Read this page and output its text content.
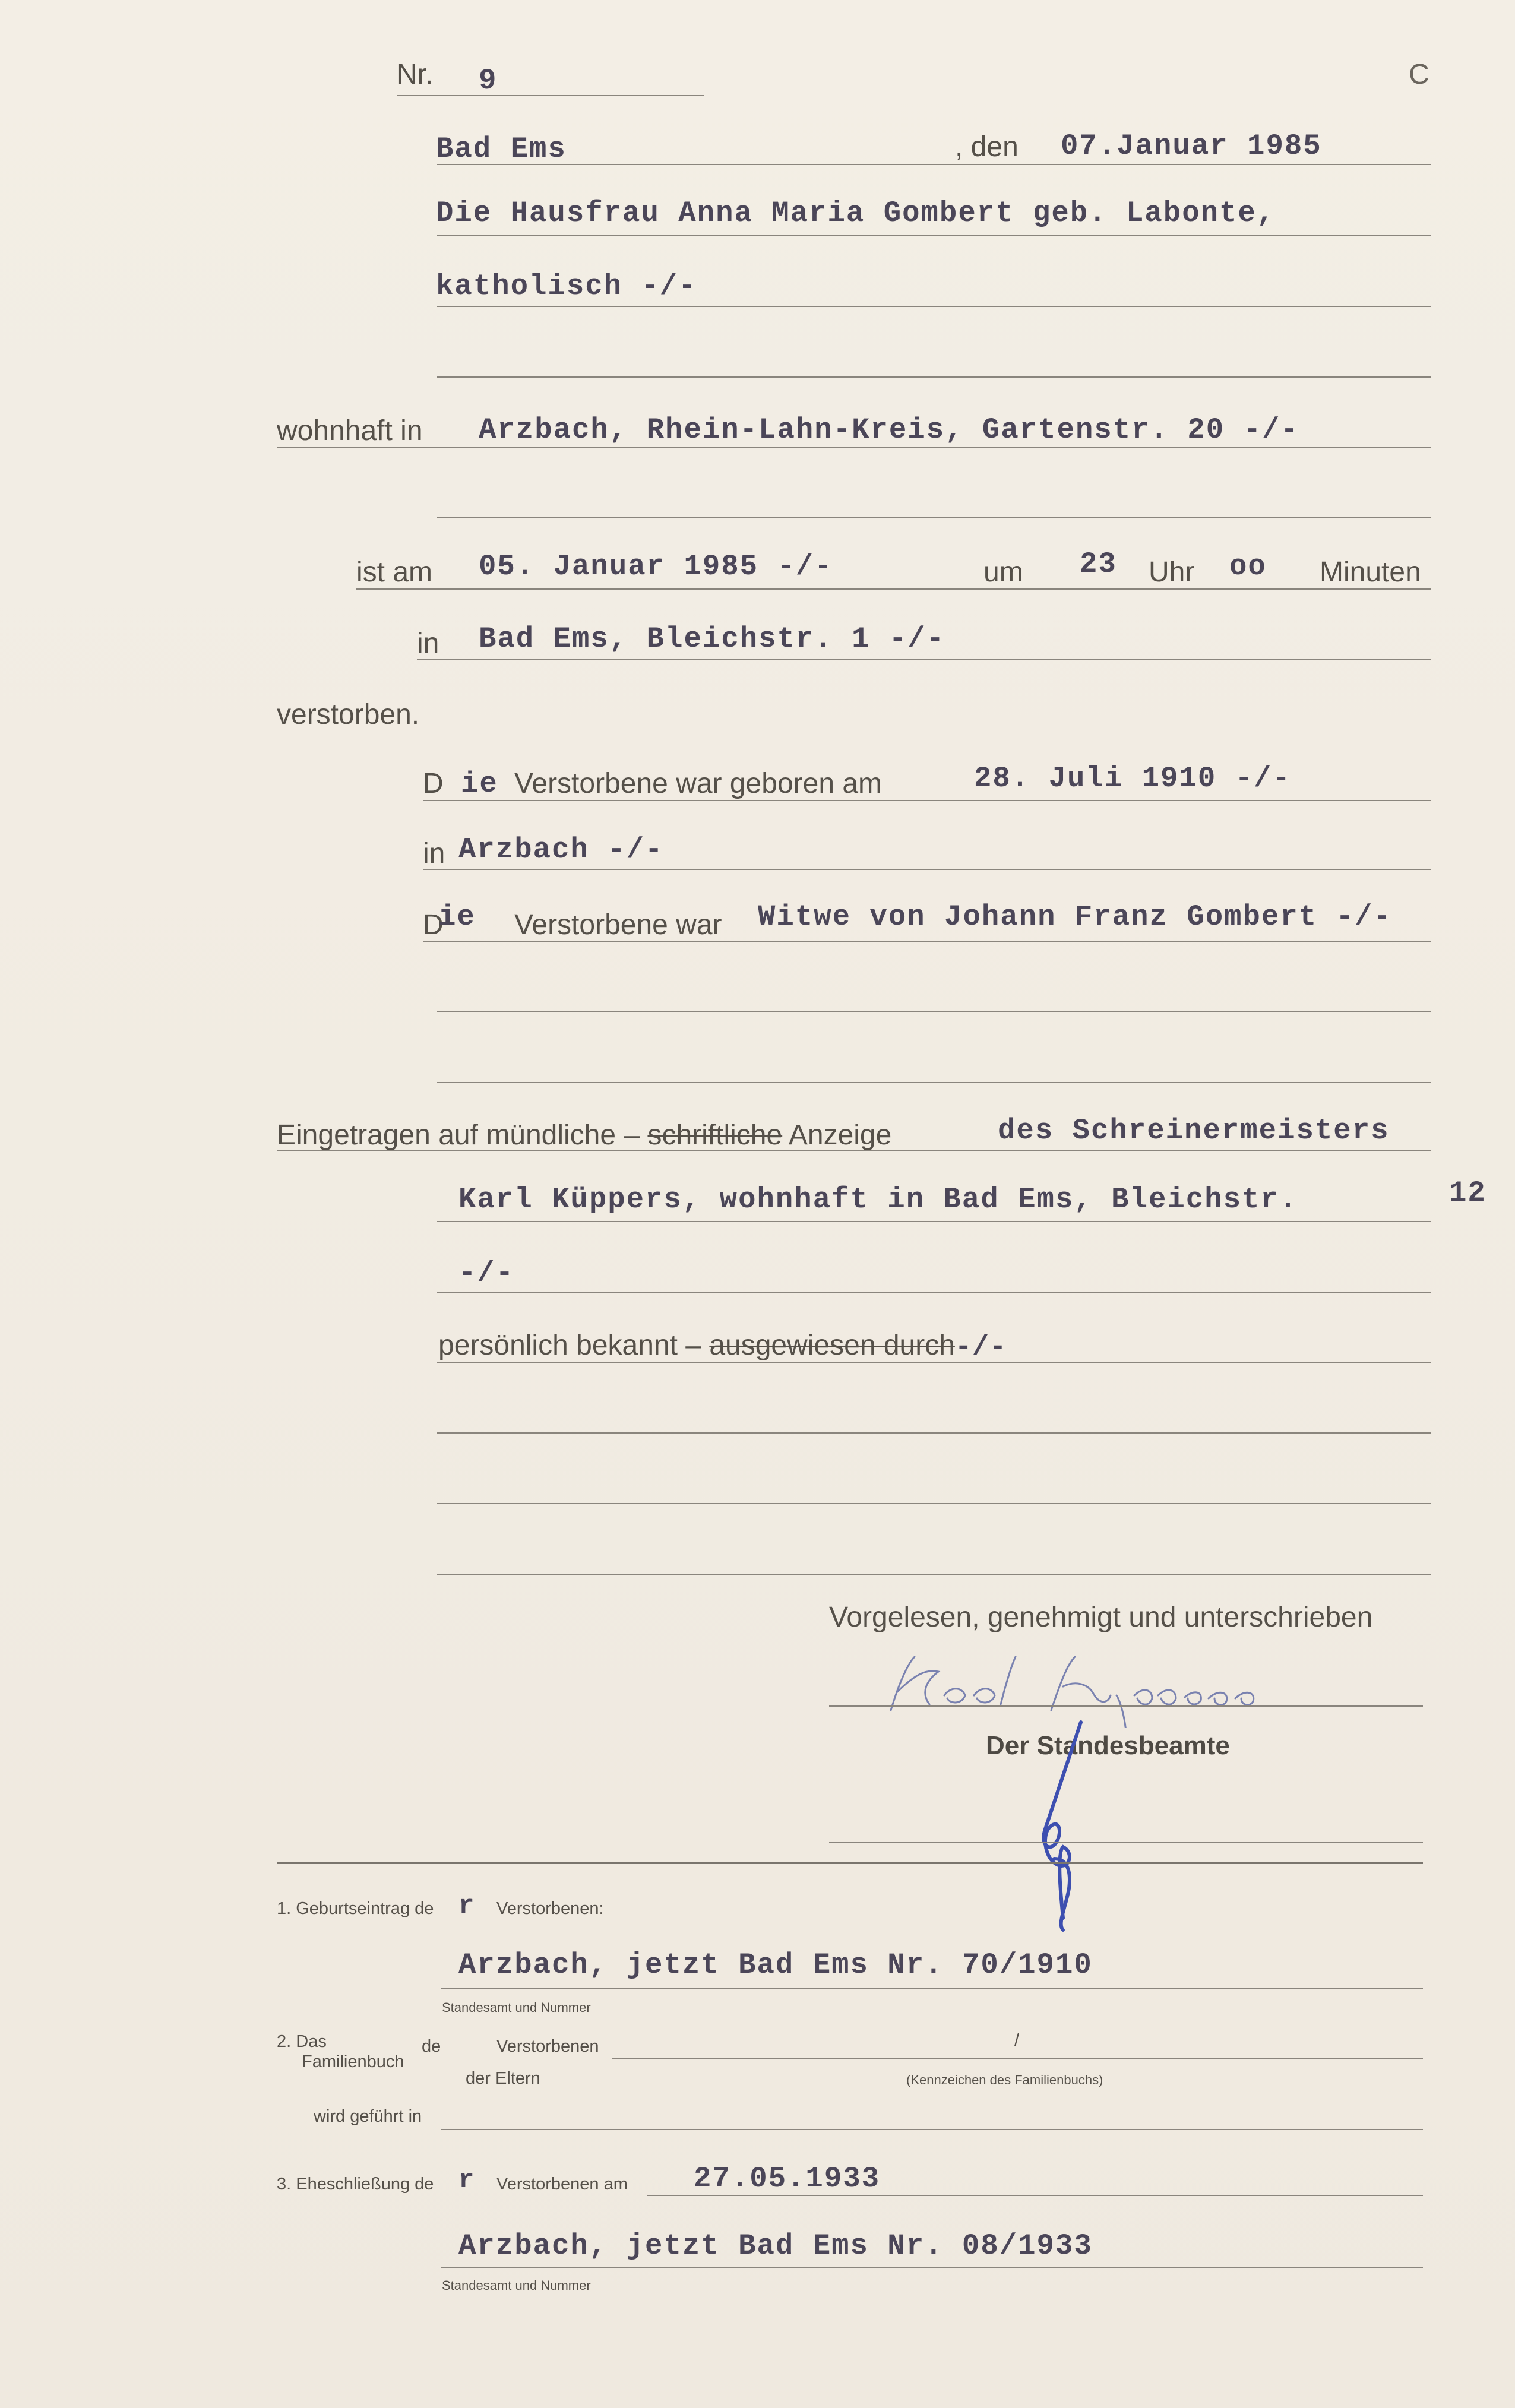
Nr. 9	C
Bad Ems	, den 07.Januar 1985
Die Hausfrau Anna Maria Gombert geb. Labonte,
katholisch -/-
wohnhaft in Arzbach, Rhein-Lahn-Kreis, Gartenstr. 20 -/-
ist am 05. Januar 1985 -/-	um 23 Uhr oo Minuten
in Bad Ems, Bleichstr. 1 -/-
verstorben.
D ie Verstorbene war geboren am	28. Juli 1910 -/-
in Arzbach -/-
D
ie Verstorbene war Witwe von Johann Franz Gombert -/-
Eingetragen auf mündliche – schriftliche Anzeige	des Schreinermeisters
Karl Küppers, wohnhaft in Bad Ems, Bleichstr.	12
-/-
persönlich bekannt – ausgewiesen durch-/-
Vorgelesen, genehmigt und unterschrieben
Der Standesbeamte
1. Geburtseintrag de r Verstorbenen:
Arzbach, jetzt Bad Ems Nr. 70/1910
Standesamt und Nummer
2. Das
Familienbuch
de	Verstorbenen	/
der Eltern	(Kennzeichen des Familienbuchs)
wird geführt in
3. Eheschließung de r Verstorbenen am 27.05.1933
Arzbach, jetzt Bad Ems Nr. 08/1933
Standesamt und Nummer
